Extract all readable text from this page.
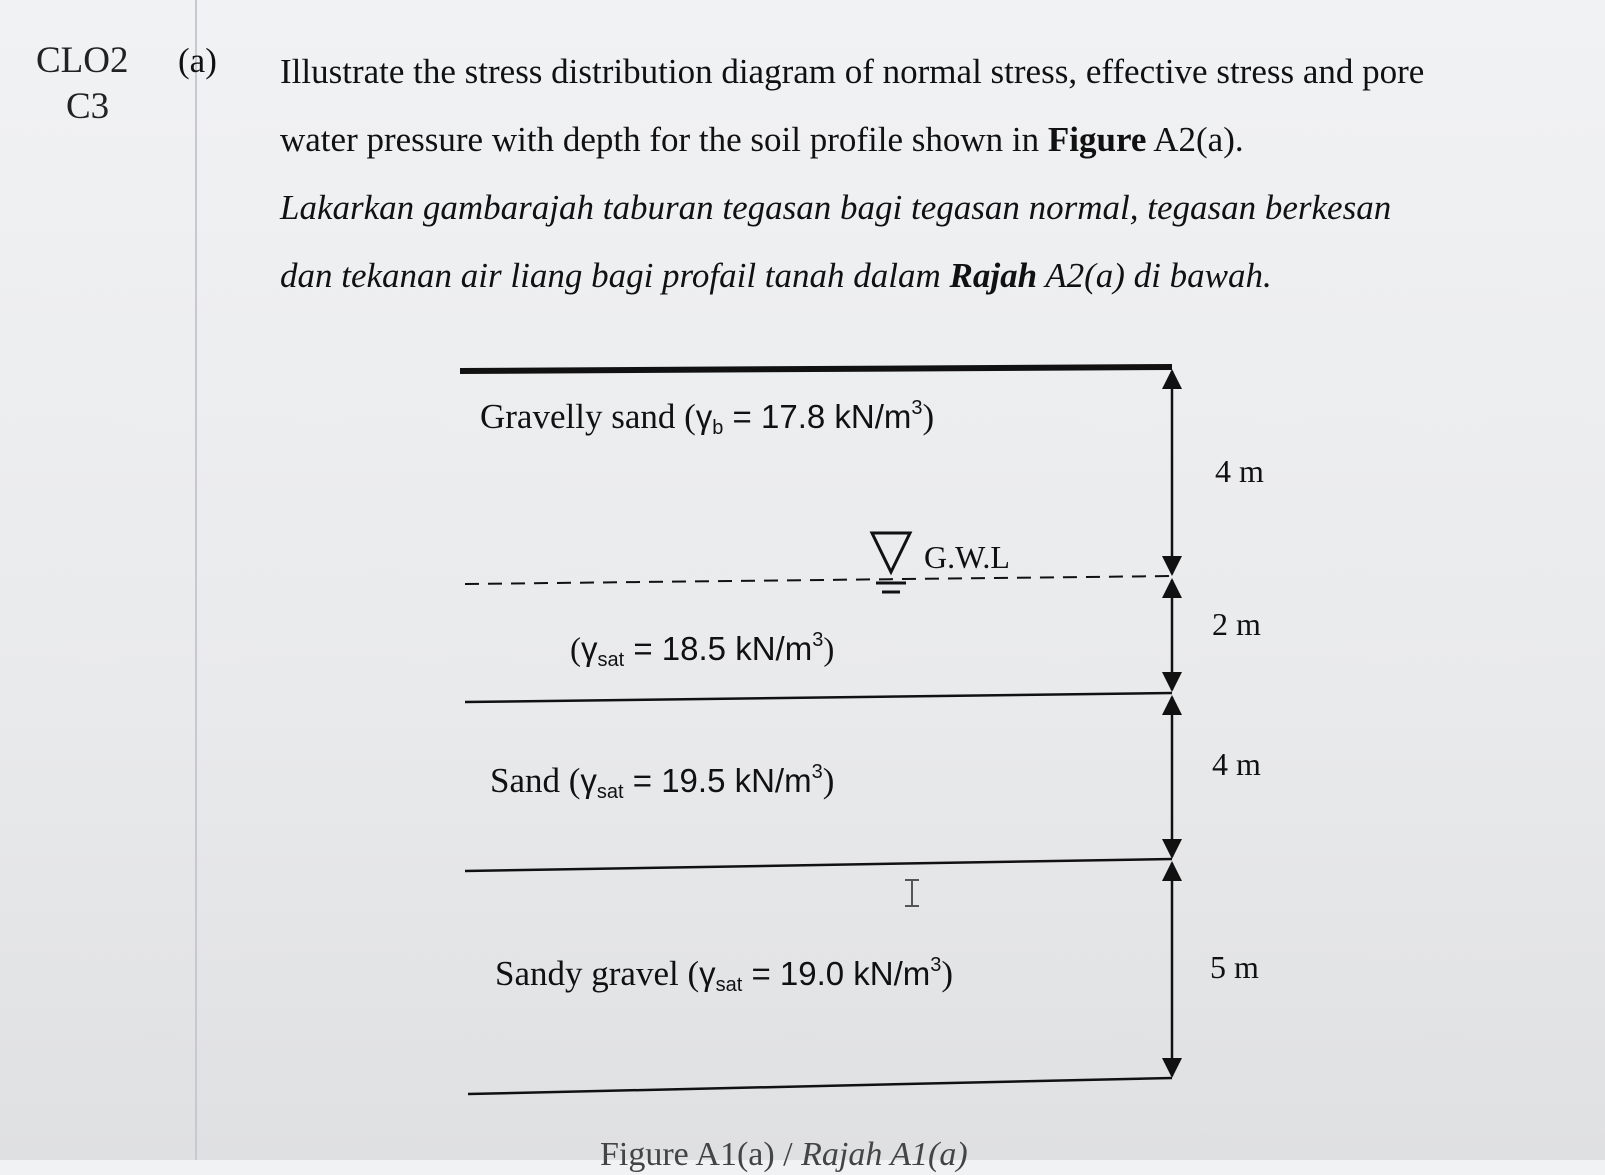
CLO2
C3
(a) Illustrate the stress distribution diagram of normal stress, effective stress and pore

water pressure with depth for the soil profile shown in Figure A2(a).

Lakarkan gambarajah taburan tegasan bagi tegasan normal, tegasan berkesan

dan tekanan air liang bagi profail tanah dalam Rajah A2(a) di bawah.

4 m
2 m
4 m
5 m
G.W.L
Gravelly sand (γb = 17.8 $kN/m^3$)
(γsat = 18.5 $kN/m^3$)
Sand (γsat = 19.5 $kN/m^3$)
Sandy gravel (γsat = 19.0 $kN/m^3$)
Figure A1(a) / Rajah A1(a)
